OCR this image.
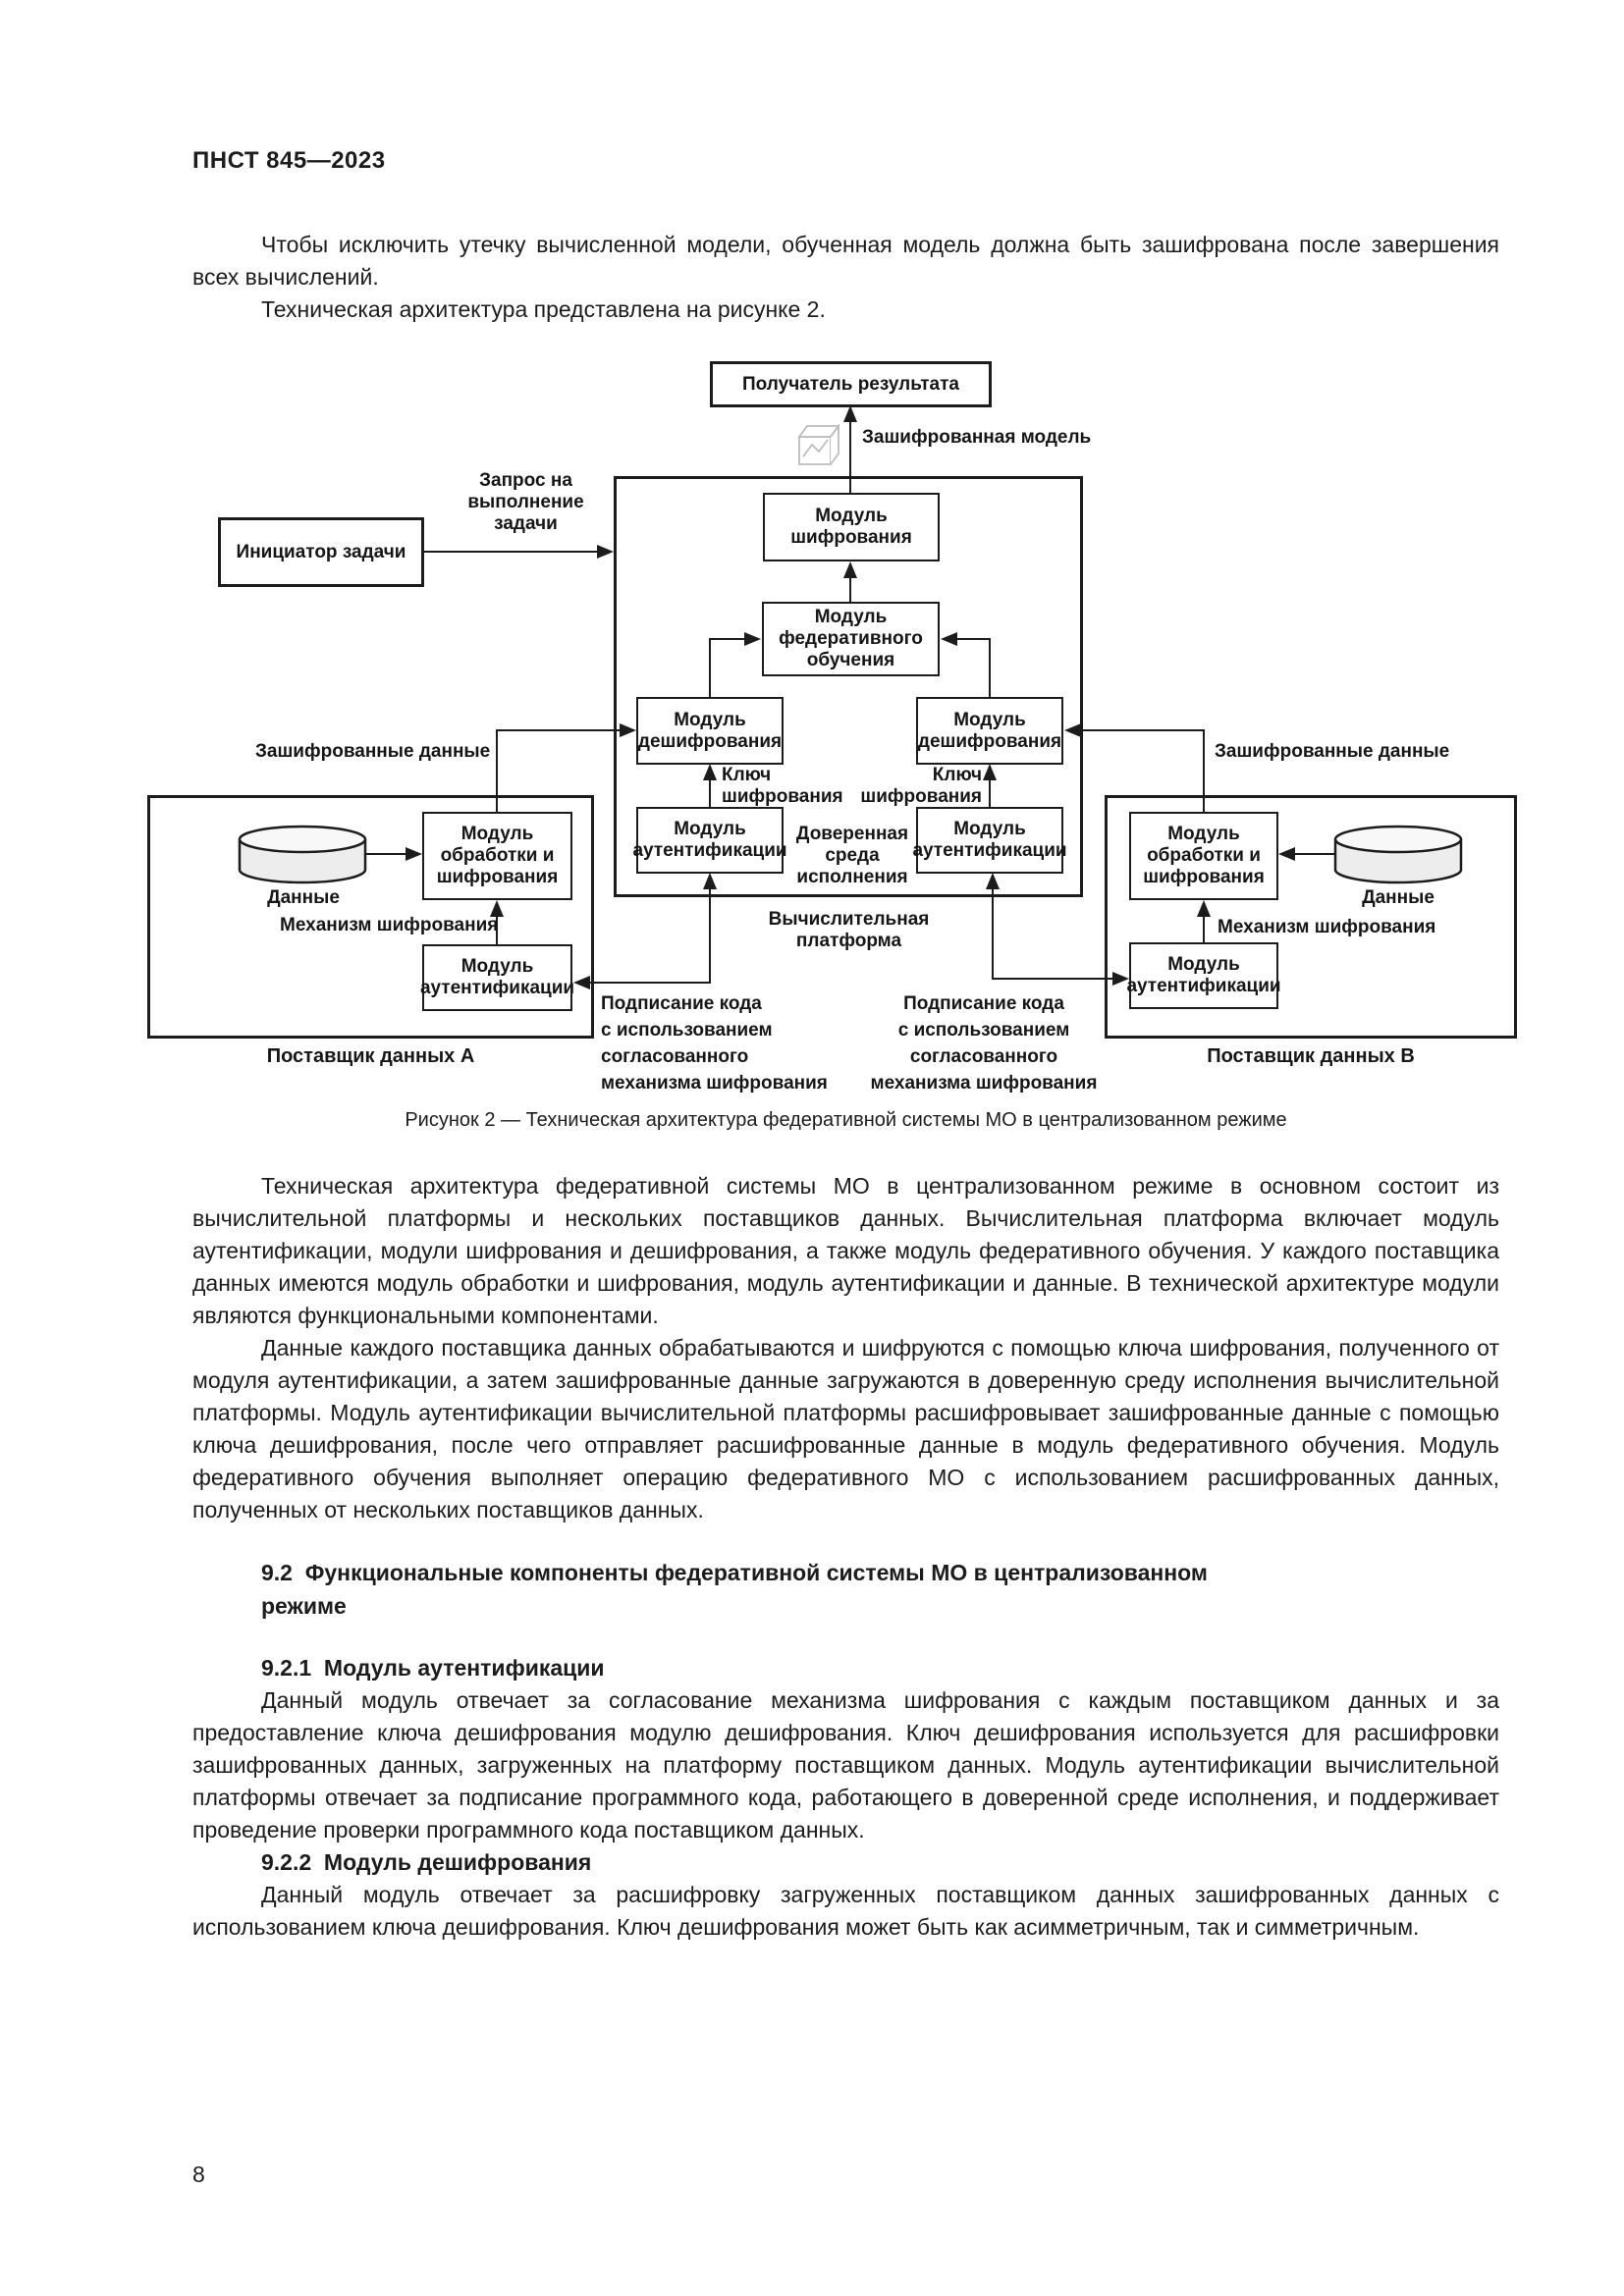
ПНСТ 845—2023

Чтобы исключить утечку вычисленной модели, обученная модель должна быть зашифрована после завершения всех вычислений.

Техническая архитектура представлена на рисунке 2.

Получатель результата
Инициатор задачи
Модуль
шифрования
Модуль
федеративного
обучения
Модуль
дешифрования
Модуль
дешифрования
Модуль
аутентификации
Модуль
аутентификации
Модуль
обработки и
шифрования
Модуль
аутентификации
Модуль
обработки и
шифрования
Модуль
аутентификации
Зашифрованная модель
Запрос на
выполнение
задачи
Зашифрованные данные	Зашифрованные данные
Ключ
шифрования
Ключ
шифрования
Доверенная
среда
исполнения
Вычислительная
платформа
Механизм шифрования	Механизм шифрования
Подписание кода
с использованием
согласованного
механизма шифрования
Подписание кода
с использованием
согласованного
механизма шифрования
Данные	Данные
Поставщик данных А	Поставщик данных В
Рисунок 2 — Техническая архитектура федеративной системы МО в централизованном режиме

Техническая архитектура федеративной системы МО в централизованном режиме в основном состоит из вычислительной платформы и нескольких поставщиков данных. Вычислительная платформа включает модуль аутентификации, модули шифрования и дешифрования, а также модуль федеративного обучения. У каждого поставщика данных имеются модуль обработки и шифрования, модуль аутентификации и данные. В технической архитектуре модули являются функциональными компонентами.

Данные каждого поставщика данных обрабатываются и шифруются с помощью ключа шифрования, полученного от модуля аутентификации, а затем зашифрованные данные загружаются в доверенную среду исполнения вычислительной платформы. Модуль аутентификации вычислительной платформы расшифровывает зашифрованные данные с помощью ключа дешифрования, после чего отправляет расшифрованные данные в модуль федеративного обучения. Модуль федеративного обучения выполняет операцию федеративного МО с использованием расшифрованных данных, полученных от нескольких поставщиков данных.

9.2  Функциональные компоненты федеративной системы МО в централизованном
режиме
9.2.1  Модуль аутентификации

Данный модуль отвечает за согласование механизма шифрования с каждым поставщиком данных и за предоставление ключа дешифрования модулю дешифрования. Ключ дешифрования используется для расшифровки зашифрованных данных, загруженных на платформу поставщиком данных. Модуль аутентификации вычислительной платформы отвечает за подписание программного кода, работающего в доверенной среде исполнения, и поддерживает проведение проверки программного кода поставщиком данных.

9.2.2  Модуль дешифрования

Данный модуль отвечает за расшифровку загруженных поставщиком данных зашифрованных данных с использованием ключа дешифрования. Ключ дешифрования может быть как асимметричным, так и симметричным.

8
